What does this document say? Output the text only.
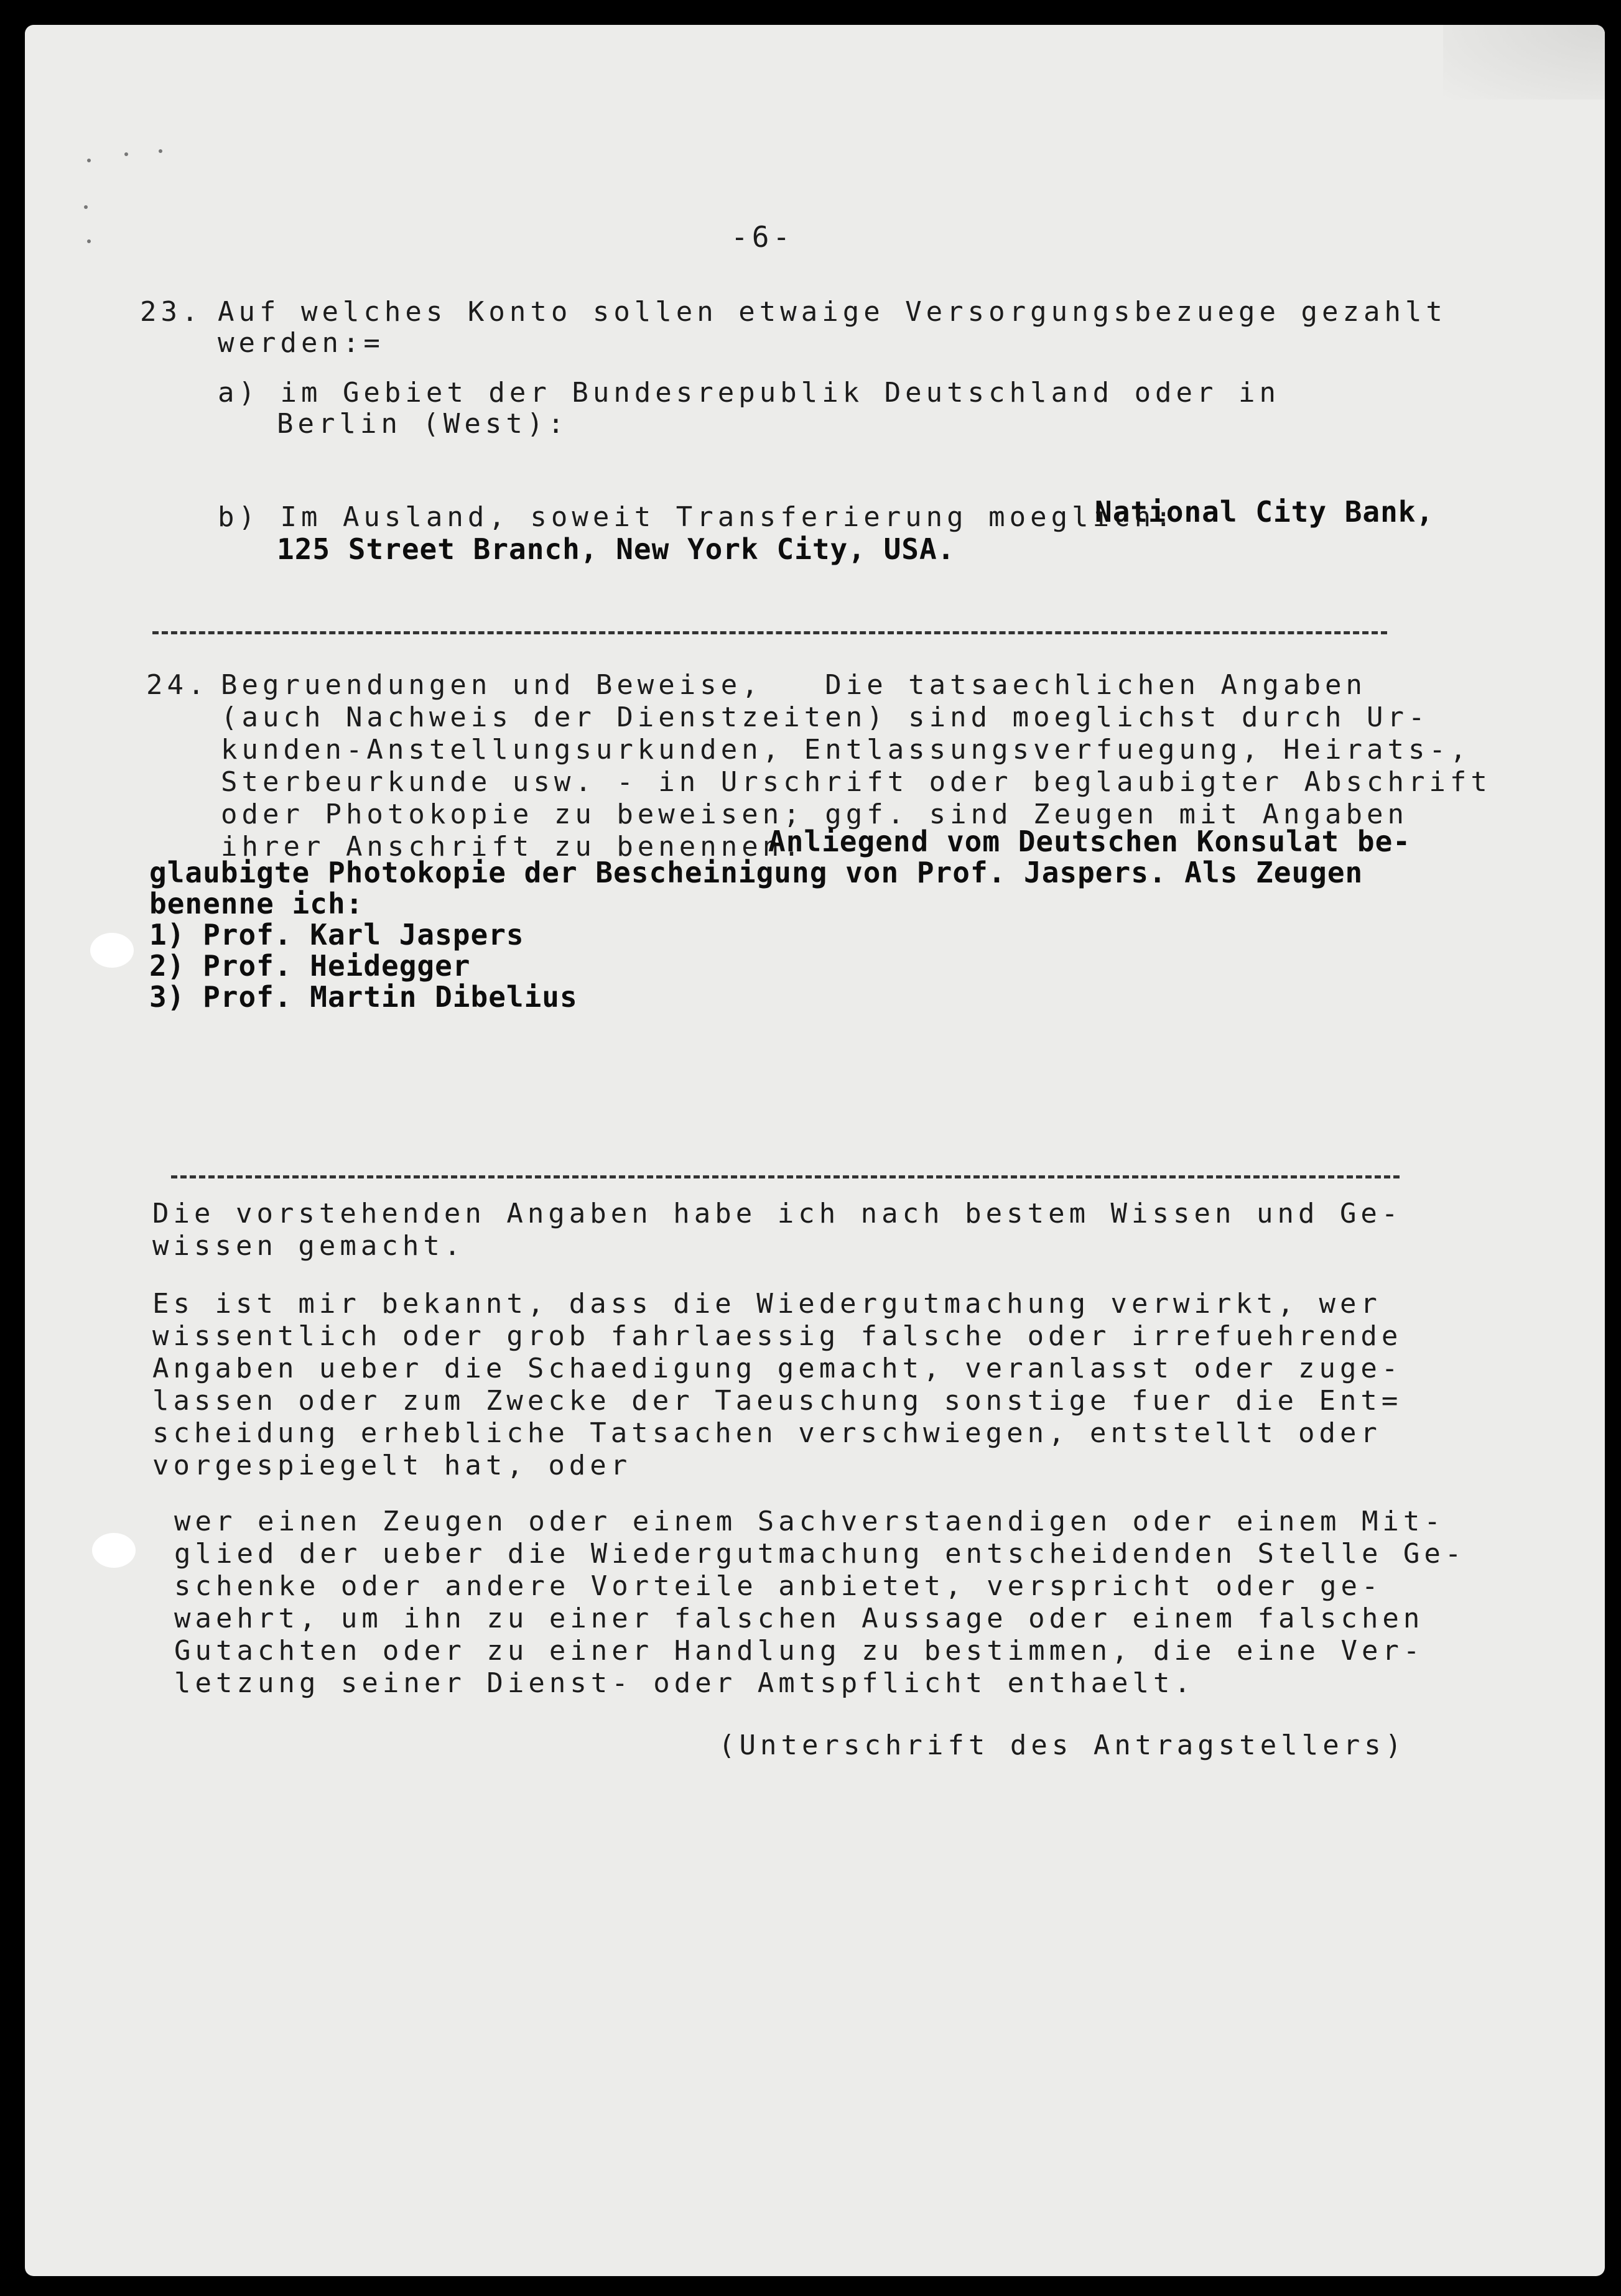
-6-
23. Auf welches Konto sollen etwaige Versorgungsbezuege gezahlt
werden:=
a) im Gebiet der Bundesrepublik Deutschland oder in
Berlin (West):
b) Im Ausland, soweit Transferierung moeglich:
National City Bank,
125 Street Branch, New York City, USA.
24. Begruendungen und Beweise,   Die tatsaechlichen Angaben
(auch Nachweis der Dienstzeiten) sind moeglichst durch Ur-
kunden-Anstellungsurkunden, Entlassungsverfuegung, Heirats-,
Sterbeurkunde usw. - in Urschrift oder beglaubigter Abschrift
oder Photokopie zu beweisen; ggf. sind Zeugen mit Angaben
ihrer Anschrift zu benennen.
Anliegend vom Deutschen Konsulat be-
glaubigte Photokopie der Bescheinigung von Prof. Jaspers. Als Zeugen
benenne ich:
1) Prof. Karl Jaspers
2) Prof. Heidegger
3) Prof. Martin Dibelius
Die vorstehenden Angaben habe ich nach bestem Wissen und Ge-
wissen gemacht.
Es ist mir bekannt, dass die Wiedergutmachung verwirkt, wer
wissentlich oder grob fahrlaessig falsche oder irrefuehrende
Angaben ueber die Schaedigung gemacht, veranlasst oder zuge-
lassen oder zum Zwecke der Taeuschung sonstige fuer die Ent=
scheidung erhebliche Tatsachen verschwiegen, entstellt oder
vorgespiegelt hat, oder
wer einen Zeugen oder einem Sachverstaendigen oder einem Mit-
glied der ueber die Wiedergutmachung entscheidenden Stelle Ge-
schenke oder andere Vorteile anbietet, verspricht oder ge-
waehrt, um ihn zu einer falschen Aussage oder einem falschen
Gutachten oder zu einer Handlung zu bestimmen, die eine Ver-
letzung seiner Dienst- oder Amtspflicht enthaelt.
(Unterschrift des Antragstellers)
